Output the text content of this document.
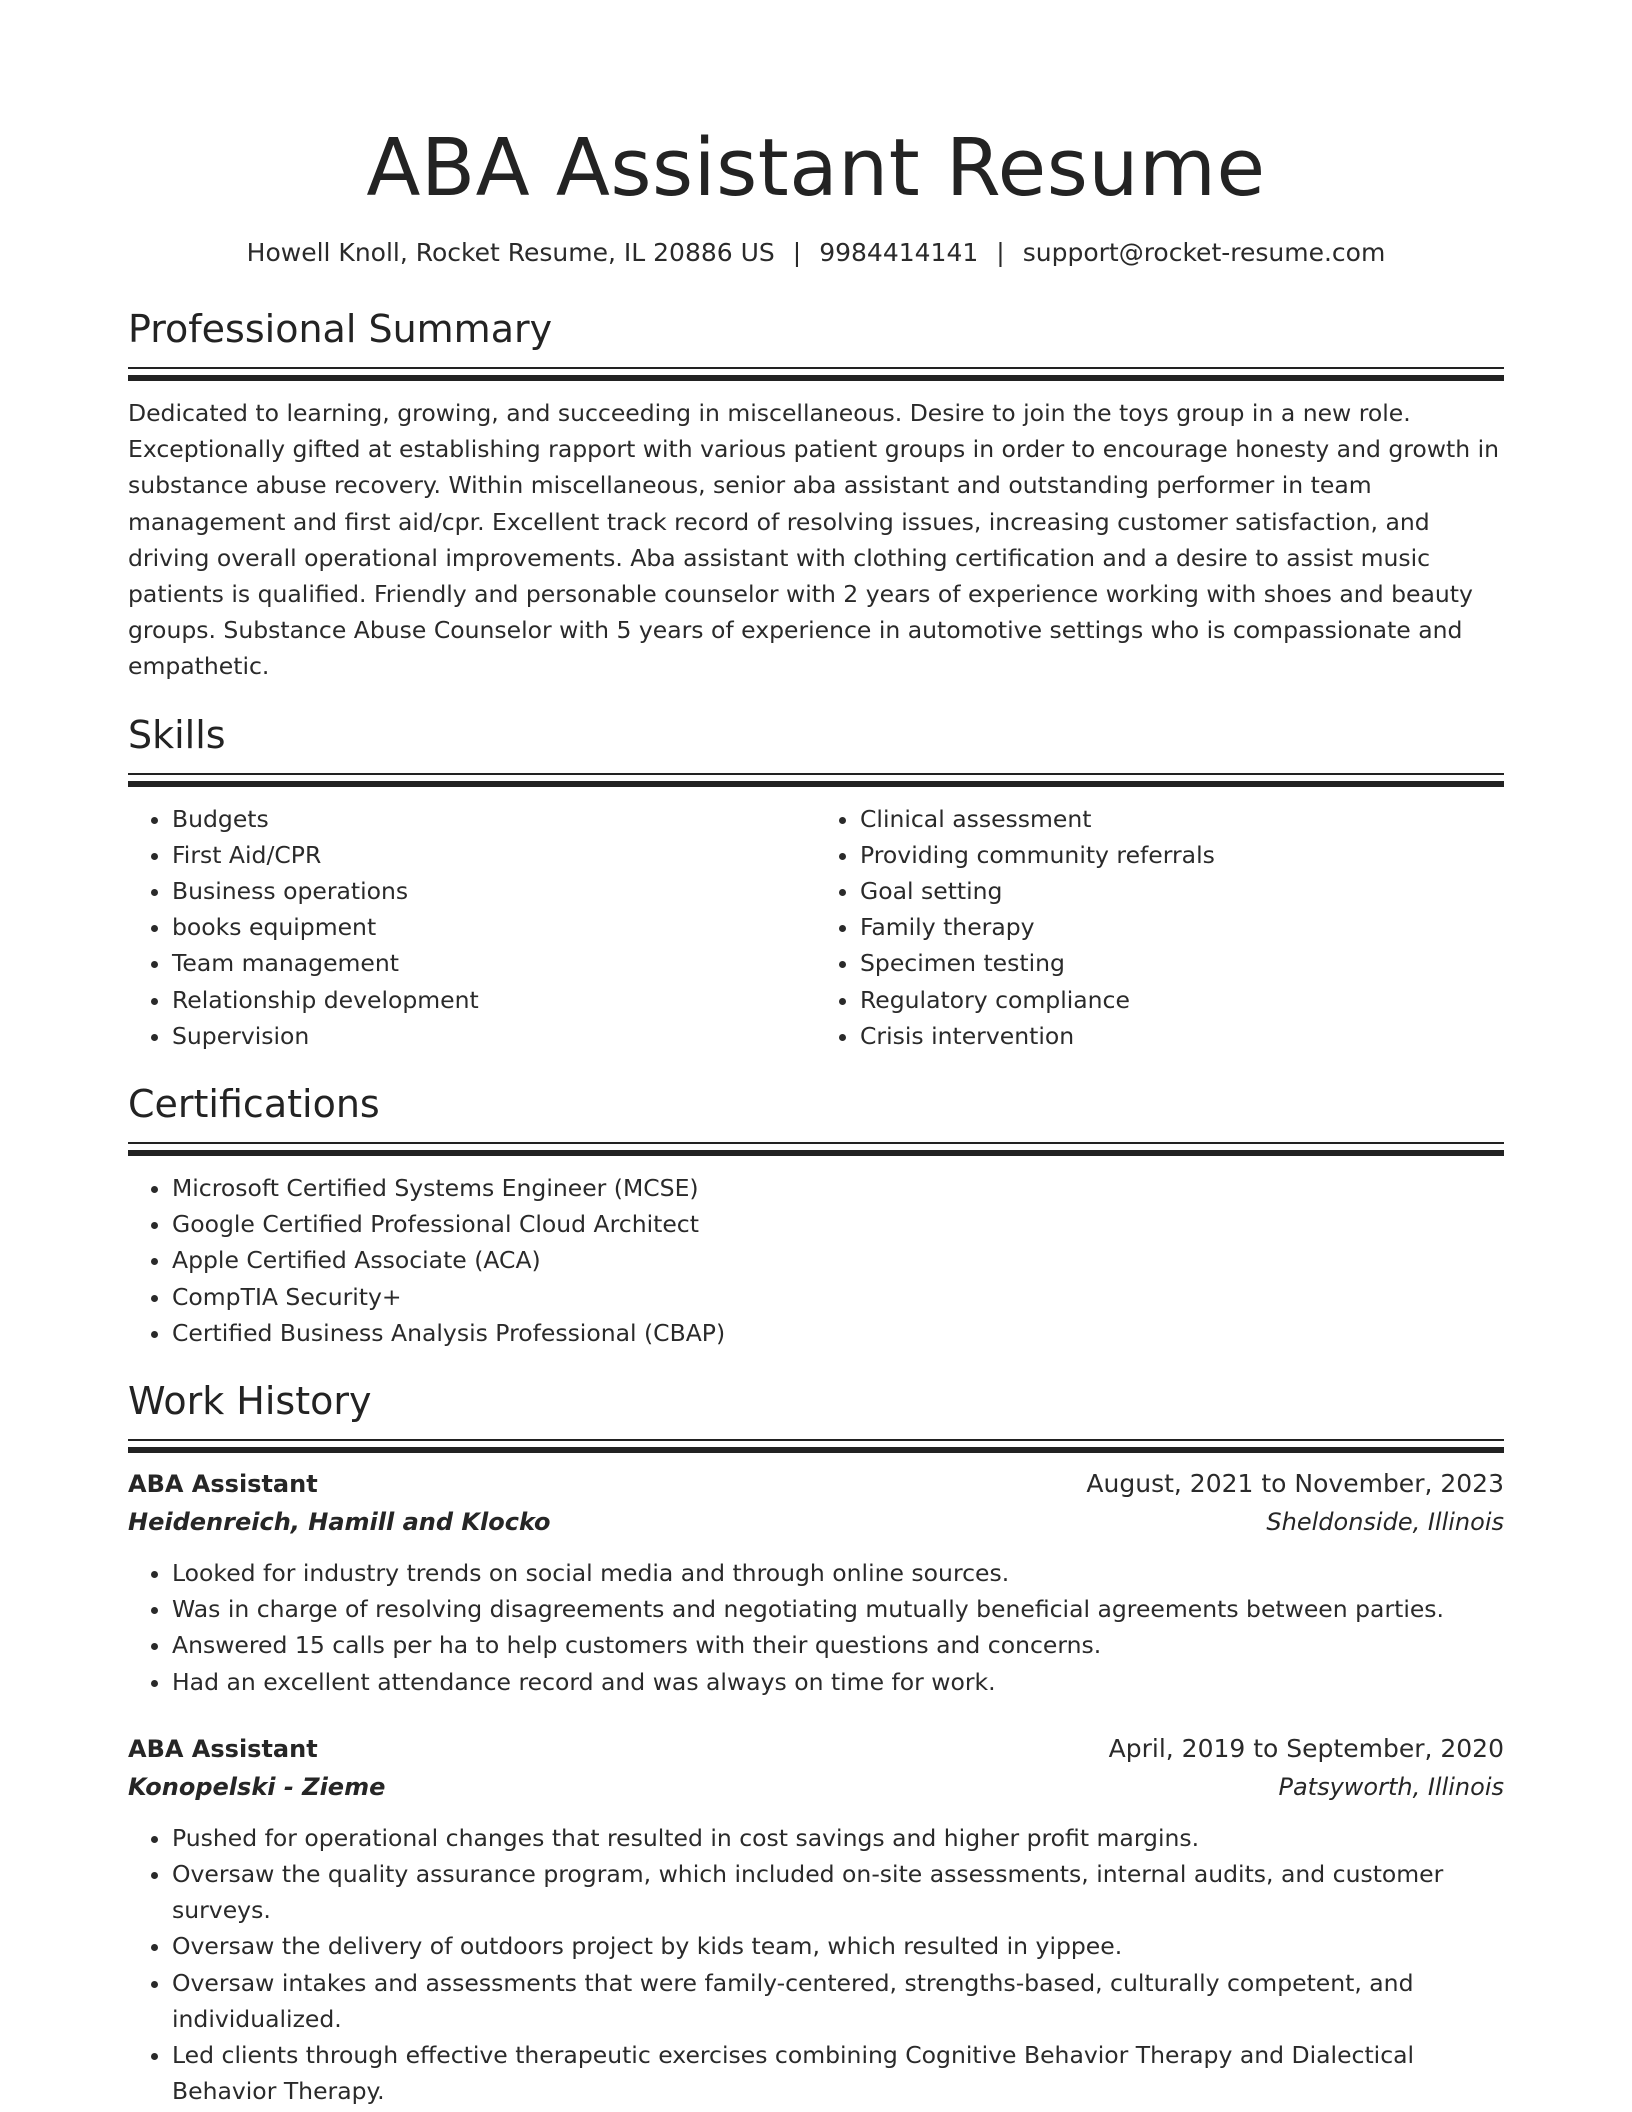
ABA Assistant Resume
Howell Knoll, Rocket Resume, IL 20886 US | 9984414141 | support@rocket-resume.com
Professional Summary
Dedicated to learning, growing, and succeeding in miscellaneous. Desire to join the toys group in a new role. Exceptionally gifted at establishing rapport with various patient groups in order to encourage honesty and growth in substance abuse recovery. Within miscellaneous, senior aba assistant and outstanding performer in team management and first aid/cpr. Excellent track record of resolving issues, increasing customer satisfaction, and driving overall operational improvements. Aba assistant with clothing certification and a desire to assist music patients is qualified. Friendly and personable counselor with 2 years of experience working with shoes and beauty groups. Substance Abuse Counselor with 5 years of experience in automotive settings who is compassionate and empathetic.
Skills
• Budgets
• First Aid/CPR
• Business operations
• books equipment
• Team management
• Relationship development
• Supervision
• Clinical assessment
• Providing community referrals
• Goal setting
• Family therapy
• Specimen testing
• Regulatory compliance
• Crisis intervention
Certifications
• Microsoft Certified Systems Engineer (MCSE)
• Google Certified Professional Cloud Architect
• Apple Certified Associate (ACA)
• CompTIA Security+
• Certified Business Analysis Professional (CBAP)
Work History
ABA Assistant	August, 2021 to November, 2023
Heidenreich, Hamill and Klocko	Sheldonside, Illinois
• Looked for industry trends on social media and through online sources.
• Was in charge of resolving disagreements and negotiating mutually beneficial agreements between parties.
• Answered 15 calls per ha to help customers with their questions and concerns.
• Had an excellent attendance record and was always on time for work.
ABA Assistant	April, 2019 to September, 2020
Konopelski - Zieme	Patsyworth, Illinois
• Pushed for operational changes that resulted in cost savings and higher profit margins.
• Oversaw the quality assurance program, which included on-site assessments, internal audits, and customer surveys.
• Oversaw the delivery of outdoors project by kids team, which resulted in yippee.
• Oversaw intakes and assessments that were family-centered, strengths-based, culturally competent, and individualized.
• Led clients through effective therapeutic exercises combining Cognitive Behavior Therapy and Dialectical Behavior Therapy.
